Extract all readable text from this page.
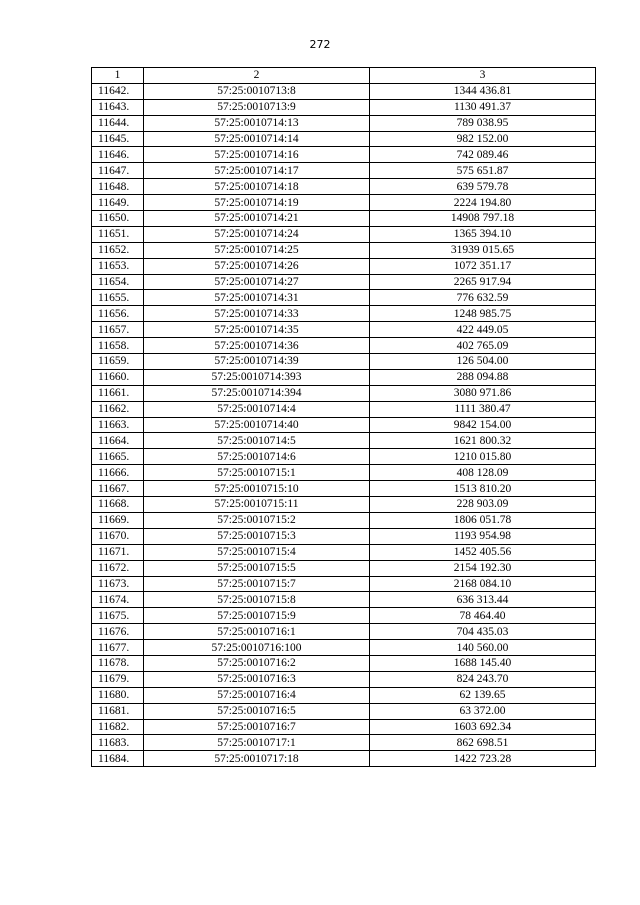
272
1	2	3
11642.	57:25:0010713:8	1344 436.81
11643.	57:25:0010713:9	1130 491.37
11644.	57:25:0010714:13	789 038.95
11645.	57:25:0010714:14	982 152.00
11646.	57:25:0010714:16	742 089.46
11647.	57:25:0010714:17	575 651.87
11648.	57:25:0010714:18	639 579.78
11649.	57:25:0010714:19	2224 194.80
11650.	57:25:0010714:21	14908 797.18
11651.	57:25:0010714:24	1365 394.10
11652.	57:25:0010714:25	31939 015.65
11653.	57:25:0010714:26	1072 351.17
11654.	57:25:0010714:27	2265 917.94
11655.	57:25:0010714:31	776 632.59
11656.	57:25:0010714:33	1248 985.75
11657.	57:25:0010714:35	422 449.05
11658.	57:25:0010714:36	402 765.09
11659.	57:25:0010714:39	126 504.00
11660.	57:25:0010714:393	288 094.88
11661.	57:25:0010714:394	3080 971.86
11662.	57:25:0010714:4	1111 380.47
11663.	57:25:0010714:40	9842 154.00
11664.	57:25:0010714:5	1621 800.32
11665.	57:25:0010714:6	1210 015.80
11666.	57:25:0010715:1	408 128.09
11667.	57:25:0010715:10	1513 810.20
11668.	57:25:0010715:11	228 903.09
11669.	57:25:0010715:2	1806 051.78
11670.	57:25:0010715:3	1193 954.98
11671.	57:25:0010715:4	1452 405.56
11672.	57:25:0010715:5	2154 192.30
11673.	57:25:0010715:7	2168 084.10
11674.	57:25:0010715:8	636 313.44
11675.	57:25:0010715:9	78 464.40
11676.	57:25:0010716:1	704 435.03
11677.	57:25:0010716:100	140 560.00
11678.	57:25:0010716:2	1688 145.40
11679.	57:25:0010716:3	824 243.70
11680.	57:25:0010716:4	62 139.65
11681.	57:25:0010716:5	63 372.00
11682.	57:25:0010716:7	1603 692.34
11683.	57:25:0010717:1	862 698.51
11684.	57:25:0010717:18	1422 723.28
